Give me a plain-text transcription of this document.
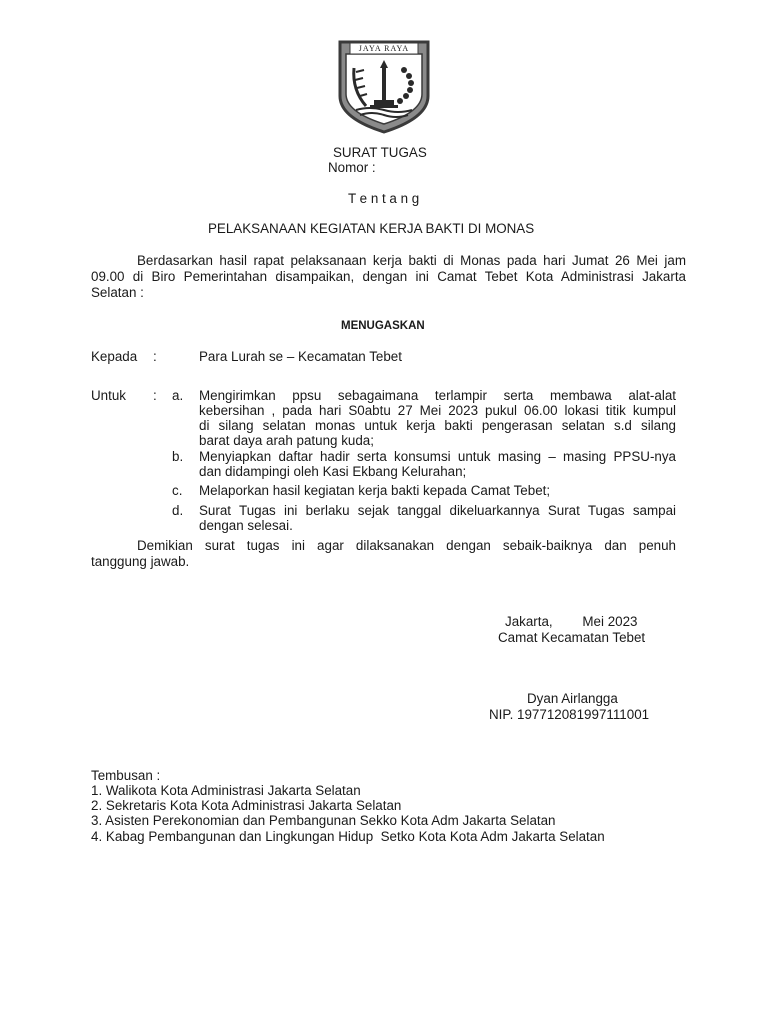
JAYA RAYA
SURAT TUGAS
Nomor :
T e n t a n g
PELAKSANAAN KEGIATAN KERJA BAKTI DI MONAS
Berdasarkan hasil rapat pelaksanaan kerja bakti di Monas pada hari Jumat 26 Mei jam
09.00 di Biro Pemerintahan disampaikan, dengan ini Camat Tebet Kota Administrasi Jakarta
Selatan :
MENUGASKAN
Kepada :	Para Lurah se – Kecamatan Tebet
Untuk : a. Mengirimkan ppsu sebagaimana terlampir serta membawa alat-alat
kebersihan , pada hari S0abtu 27 Mei 2023 pukul 06.00 lokasi titik kumpul
di silang selatan monas untuk kerja bakti pengerasan selatan s.d silang
barat daya arah patung kuda;
b. Menyiapkan daftar hadir serta konsumsi untuk masing – masing PPSU-nya
dan didampingi oleh Kasi Ekbang Kelurahan;
c. Melaporkan hasil kegiatan kerja bakti kepada Camat Tebet;
d. Surat Tugas ini berlaku sejak tanggal dikeluarkannya Surat Tugas sampai
dengan selesai.
Demikian surat tugas ini agar dilaksanakan dengan sebaik-baiknya dan penuh
tanggung jawab.
Jakarta,        Mei 2023
Camat Kecamatan Tebet
Dyan Airlangga
NIP. 197712081997111001
Tembusan :
1. Walikota Kota Administrasi Jakarta Selatan
2. Sekretaris Kota Kota Administrasi Jakarta Selatan
3. Asisten Perekonomian dan Pembangunan Sekko Kota Adm Jakarta Selatan
4. Kabag Pembangunan dan Lingkungan Hidup  Setko Kota Kota Adm Jakarta Selatan
